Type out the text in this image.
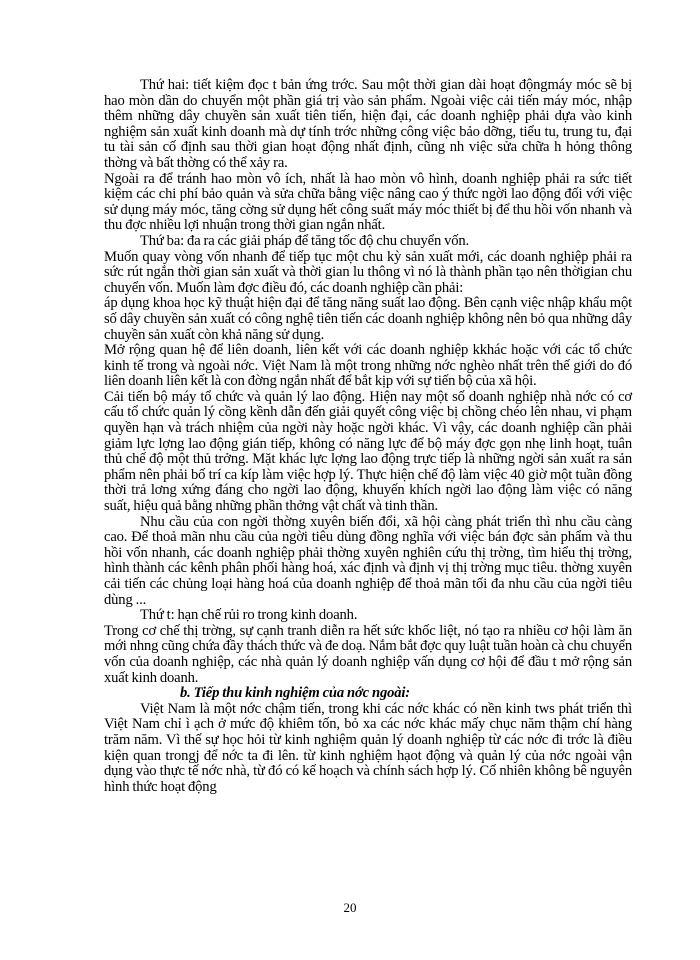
Thứ hai: tiết kiệm đọc t bản ứng trớc. Sau một thời gian dài hoạt độngmáy móc sẽ bị hao mòn dần do chuyển một phần giá trị vào sản phẩm. Ngoài việc cải tiến máy móc, nhập thêm những dây chuyền sản xuất tiên tiến, hiện đại, các doanh nghiệp phải dựa vào kinh nghiệm sản xuất kinh doanh mà dự tính trớc những công việc bảo dỡng, tiểu tu, trung tu, đại tu tài sản cố định sau thời gian hoạt động nhất định, cũng nh việc sửa chữa h hỏng thông thờng và bất thờng có thể xảy ra.

Ngoài ra để tránh hao mòn vô ích, nhất là hao mòn vô hình, doanh nghiệp phải ra sức tiết kiệm các chi phí bảo quản và sửa chữa bằng việc nâng cao ý thức ngời lao động đối với việc sử dụng máy móc, tăng cờng sử dụng hết công suất máy móc thiết bị để thu hồi vốn nhanh và thu đợc nhiều lợi nhuận trong thời gian ngắn nhất.

Thứ ba: đa ra các giải pháp để tăng tốc độ chu chuyển vốn.

Muốn quay vòng vốn nhanh để tiếp tục một chu kỳ sản xuất mới, các doanh nghiệp phải ra sức rút ngắn thời gian sản xuất và thời gian lu thông vì nó là thành phần tạo nên thờigian chu chuyển vốn. Muốn làm đợc điều đó, các doanh nghiệp cần phải:

áp dụng khoa học kỹ thuật hiện đại để tăng năng suất lao động. Bên cạnh việc nhập khẩu một số dây chuyền sản xuất có công nghệ tiên tiến các doanh nghiệp không nên bỏ qua những dây chuyền sản xuất còn khả năng sử dụng.

Mở rộng quan hệ để liên doanh, liên kết với các doanh nghiệp kkhác hoặc với các tổ chức kinh tế trong và ngoài nớc. Việt Nam là một trong những nớc nghèo nhất trên thế giới do đó liên doanh liên kết là con đờng ngắn nhất để bắt kịp với sự tiến bộ của xã hội.

Cải tiến bộ máy tổ chức và quản lý lao động. Hiện nay một số doanh nghiệp nhà nớc có cơ cấu tổ chức quản lý cồng kềnh dẫn đến giải quyết công việc bị chồng chéo lên nhau, vi phạm quyền hạn và trách nhiệm của ngời này hoặc ngời khác. Vì vậy, các doanh nghiệp cần phải giảm lực lợng lao động gián tiếp, không có năng lực để bộ máy đợc gọn nhẹ linh hoạt, tuân thủ chế độ một thủ trởng. Mặt khác lực lợng lao động trực tiếp là những ngời sản xuất ra sản phẩm nên phải bố trí ca kíp làm việc hợp lý. Thực hiện chế độ làm việc 40 giờ một tuần đồng thời trả lơng xứng đáng cho ngời lao động, khuyến khích ngời lao động làm việc có năng suất, hiệu quả bằng những phần thởng vật chất và tinh thần.

Nhu cầu của con ngời thờng xuyên biến đổi, xã hội càng phát triển thì nhu cầu càng cao. Để thoả mãn nhu cầu của ngời tiêu dùng đồng nghĩa với việc bán đợc sản phẩm và thu hồi vốn nhanh, các doanh nghiệp phải thờng xuyên nghiên cứu thị trờng, tìm hiểu thị trờng, hình thành các kênh phân phối hàng hoá, xác định và định vị thị trờng mục tiêu. thờng xuyên cải tiến các chủng loại hàng hoá của doanh nghiệp để thoả mãn tối đa nhu cầu của ngời tiêu dùng ...

Thứ t: hạn chế rủi ro trong kinh doanh.

Trong cơ chế thị trờng, sự cạnh tranh diễn ra hết sức khốc liệt, nó tạo ra nhiều cơ hội làm ăn mới nhng cũng chứa đầy thách thức và đe doạ. Nắm bắt đợc quy luật tuần hoàn cà chu chuyển vốn của doanh nghiệp, các nhà quản lý doanh nghiệp vấn dụng cơ hội để đầu t mở rộng sản xuất kinh doanh.

b. Tiếp thu kinh nghiệm của nớc ngoài:

Việt Nam là một nớc chậm tiến, trong khi các nớc khác có nền kinh tws phát triển thì Việt Nam chỉ ì ạch ở mức độ khiêm tốn, bỏ xa các nớc khác mấy chục năm thậm chí hàng trăm năm. Vì thế sự học hỏi từ kinh nghiệm quản lý doanh nghiệp từ các nớc đi trớc là điều kiện quan trongj để nớc ta đi lên. từ kinh nghiệm hạot động và quản lý của nớc ngoài vận dụng vào thực tế nớc nhà, từ đó có kế hoạch và chính sách hợp lý. Cố nhiên không bê nguyên hình thức hoạt động

20
